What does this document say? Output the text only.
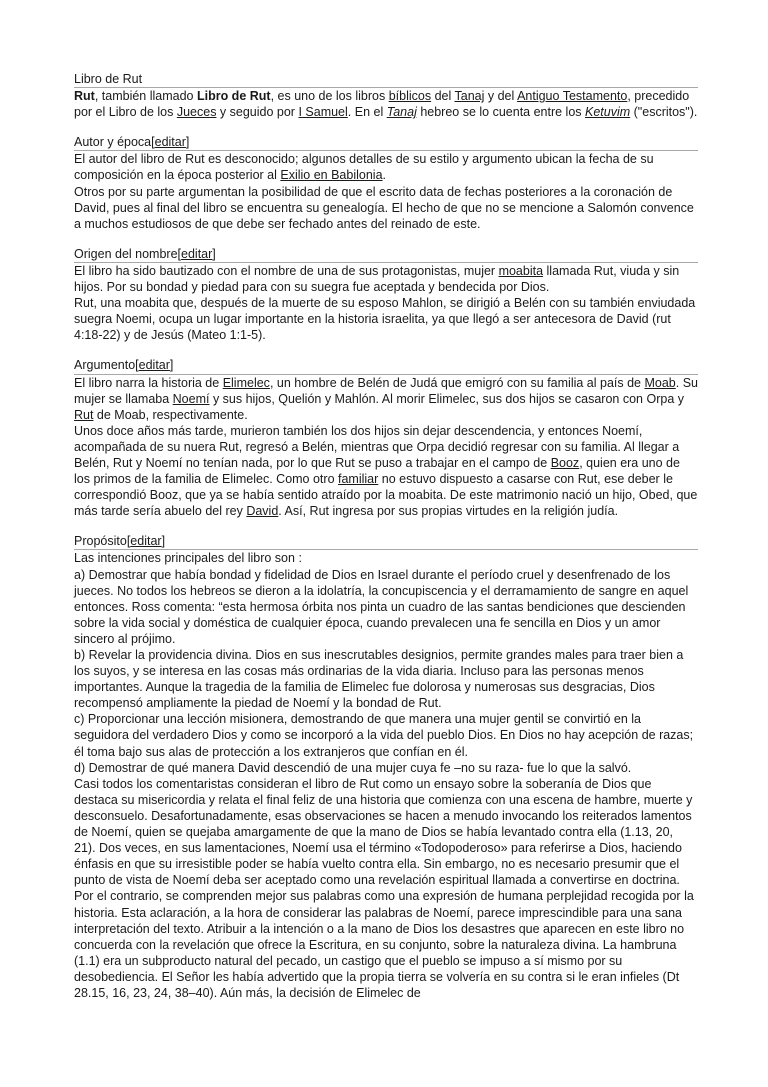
Libro de Rut

Rut, también llamado Libro de Rut, es uno de los libros bíblicos del Tanaj y del Antiguo Testamento, precedido por el Libro de los Jueces y seguido por I Samuel. En el Tanaj hebreo se lo cuenta entre los Ketuvim ("escritos").

Autor y época[editar]

El autor del libro de Rut es desconocido; algunos detalles de su estilo y argumento ubican la fecha de su composición en la época posterior al Exilio en Babilonia.

Otros por su parte argumentan la posibilidad de que el escrito data de fechas posteriores a la coronación de David, pues al final del libro se encuentra su genealogía. El hecho de que no se mencione a Salomón convence a muchos estudiosos de que debe ser fechado antes del reinado de este.

Origen del nombre[editar]

El libro ha sido bautizado con el nombre de una de sus protagonistas, mujer moabita llamada Rut, viuda y sin hijos. Por su bondad y piedad para con su suegra fue aceptada y bendecida por Dios.

Rut, una moabita que, después de la muerte de su esposo Mahlon, se dirigió a Belén con su también enviudada suegra Noemi, ocupa un lugar importante en la historia israelita, ya que llegó a ser antecesora de David (rut 4:18-22) y de Jesús (Mateo 1:1-5).

Argumento[editar]

El libro narra la historia de Elimelec, un hombre de Belén de Judá que emigró con su familia al país de Moab. Su mujer se llamaba Noemí y sus hijos, Quelión y Mahlón. Al morir Elimelec, sus dos hijos se casaron con Orpa y Rut de Moab, respectivamente.

Unos doce años más tarde, murieron también los dos hijos sin dejar descendencia, y entonces Noemí, acompañada de su nuera Rut, regresó a Belén, mientras que Orpa decidió regresar con su familia. Al llegar a Belén, Rut y Noemí no tenían nada, por lo que Rut se puso a trabajar en el campo de Booz, quien era uno de los primos de la familia de Elimelec. Como otro familiar no estuvo dispuesto a casarse con Rut, ese deber le correspondió Booz, que ya se había sentido atraído por la moabita. De este matrimonio nació un hijo, Obed, que más tarde sería abuelo del rey David. Así, Rut ingresa por sus propias virtudes en la religión judía.

Propósito[editar]

Las intenciones principales del libro son :

a) Demostrar que había bondad y fidelidad de Dios en Israel durante el período cruel y desenfrenado de los jueces. No todos los hebreos se dieron a la idolatría, la concupiscencia y el derramamiento de sangre en aquel entonces. Ross comenta: “esta hermosa órbita nos pinta un cuadro de las santas bendiciones que descienden sobre la vida social y doméstica de cualquier época, cuando prevalecen una fe sencilla en Dios y un amor sincero al prójimo.

b) Revelar la providencia divina. Dios en sus inescrutables designios, permite grandes males para traer bien a los suyos, y se interesa en las cosas más ordinarias de la vida diaria. Incluso para las personas menos importantes. Aunque la tragedia de la familia de Elimelec fue dolorosa y numerosas sus desgracias, Dios recompensó ampliamente la piedad de Noemí y la bondad de Rut.

c) Proporcionar una lección misionera, demostrando de que manera una mujer gentil se convirtió en la seguidora del verdadero Dios y como se incorporó a la vida del pueblo Dios. En Dios no hay acepción de razas; él toma bajo sus alas de protección a los extranjeros que confían en él.

d) Demostrar de qué manera David descendió de una mujer cuya fe –no su raza- fue lo que la salvó.

Casi todos los comentaristas consideran el libro de Rut como un ensayo sobre la soberanía de Dios que destaca su misericordia y relata el final feliz de una historia que comienza con una escena de hambre, muerte y desconsuelo. Desafortunadamente, esas observaciones se hacen a menudo invocando los reiterados lamentos de Noemí, quien se quejaba amargamente de que la mano de Dios se había levantado contra ella (1.13, 20, 21). Dos veces, en sus lamentaciones, Noemí usa el término «Todopoderoso» para referirse a Dios, haciendo énfasis en que su irresistible poder se había vuelto contra ella. Sin embargo, no es necesario presumir que el punto de vista de Noemí deba ser aceptado como una revelación espiritual llamada a convertirse en doctrina. Por el contrario, se comprenden mejor sus palabras como una expresión de humana perplejidad recogida por la historia. Esta aclaración, a la hora de considerar las palabras de Noemí, parece imprescindible para una sana interpretación del texto. Atribuir a la intención o a la mano de Dios los desastres que aparecen en este libro no concuerda con la revelación que ofrece la Escritura, en su conjunto, sobre la naturaleza divina. La hambruna (1.1) era un subproducto natural del pecado, un castigo que el pueblo se impuso a sí mismo por su desobediencia. El Señor les había advertido que la propia tierra se volvería en su contra si le eran infieles (Dt 28.15, 16, 23, 24, 38–40). Aún más, la decisión de Elimelec de
